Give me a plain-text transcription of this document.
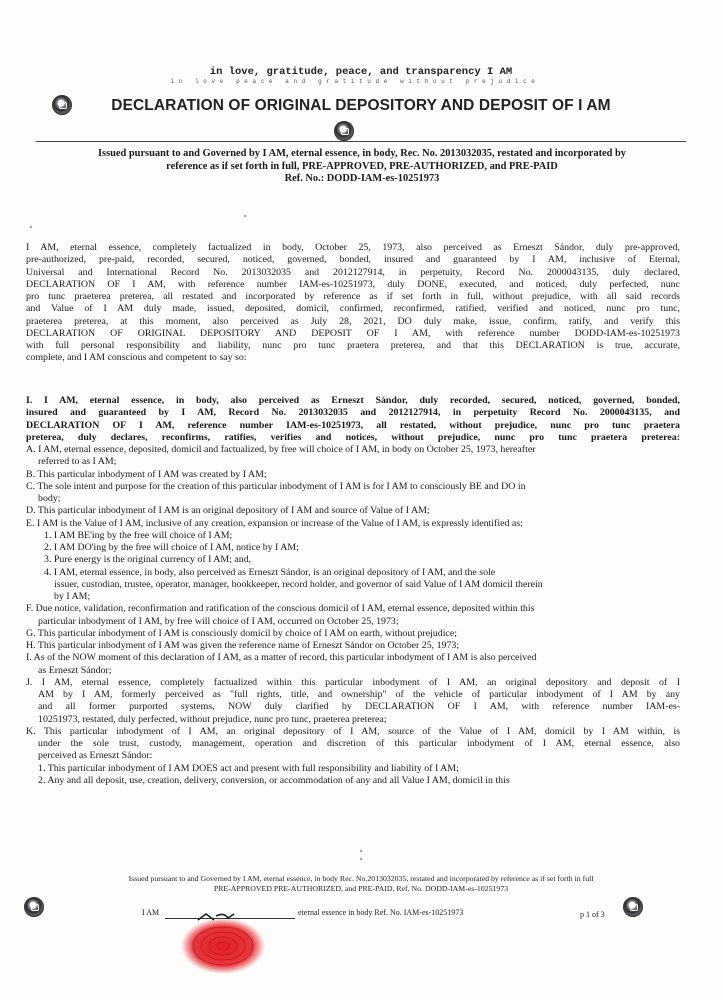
in love, gratitude, peace, and transparency I AM
in love peace and gratitude without prejudice
DECLARATION OF ORIGINAL DEPOSITORY AND DEPOSIT OF I AM
Issued pursuant to and Governed by I AM, eternal essence, in body, Rec. No. 2013032035, restated and incorporated by
reference as if set forth in full, PRE-APPROVED, PRE-AUTHORIZED, and PRE-PAID
Ref. No.: DODD-IAM-es-10251973
I AM, eternal essence, completely factualized in body, October 25, 1973, also perceived as Erneszt Sándor, duly pre-approved,
pre-authorized, pre-paid, recorded, secured, noticed, governed, bonded, insured and guaranteed by I AM, inclusive of Eternal,
Universal and International Record No. 2013032035 and 2012127914, in perpetuity, Record No. 2000043135, duly declared,
DECLARATION OF I AM, with reference number IAM-es-10251973, duly DONE, executed, and noticed, duly perfected, nunc
pro tunc praeterea preterea, all restated and incorporated by reference as if set forth in full, without prejudice, with all said records
and Value of I AM duly made, issued, deposited, domicil, confirmed, reconfirmed, ratified, verified and noticed, nunc pro tunc,
praeterea preterea, at this moment, also perceived as July 28, 2021, DO duly make, issue, confirm, ratify, and verify this
DECLARATION OF ORIGINAL DEPOSITORY AND DEPOSIT OF I AM, with reference number DODD-IAM-es-10251973
with full personal responsibility and liability, nunc pro tunc praetera preterea, and that this DECLARATION is true, accurate,
complete, and I AM conscious and competent to say so:
I. I AM, eternal essence, in body, also perceived as Erneszt Sándor, duly recorded, secured, noticed, governed, bonded,
insured and guaranteed by I AM, Record No. 2013032035 and 2012127914, in perpetuity Record No. 2000043135, and
DECLARATION OF I AM, reference number IAM-es-10251973, all restated, without prejudice, nunc pro tunc praetera
preterea, duly declares, reconfirms, ratifies, verifies and notices, without prejudice, nunc pro tunc praetera preterea:
A. I AM, eternal essence, deposited, domicil and factualized, by free will choice of I AM, in body on October 25, 1973, hereafter
referred to as I AM;
B. This particular inbodyment of I AM was created by I AM;
C. The sole intent and purpose for the creation of this particular inbodyment of I AM is for I AM to consciously BE and DO in
body;
D. This particular inbodyment of I AM is an original depository of I AM and source of Value of I AM;
E. I AM is the Value of I AM, inclusive of any creation, expansion or increase of the Value of I AM, is expressly identified as:
1. I AM BE'ing by the free will choice of I AM;
2. I AM DO'ing by the free will choice of I AM, notice by I AM;
3. Pure energy is the original currency of I AM; and,
4. I AM, eternal essence, in body, also perceived as Erneszt Sándor, is an original depository of I AM, and the sole
issuer, custodian, trustee, operator, manager, bookkeeper, record holder, and governor of said Value of I AM domicil therein
by I AM;
F. Due notice, validation, reconfirmation and ratification of the conscious domicil of I AM, eternal essence, deposited within this
particular inbodyment of I AM, by free will choice of I AM, occurred on October 25, 1973;
G. This particular inbodyment of I AM is consciously domicil by choice of I AM on earth, without prejudice;
H. This particular inbodyment of I AM was given the reference name of Erneszt Sándor on October 25, 1973;
I. As of the NOW moment of this declaration of I AM, as a matter of record, this particular inbodyment of I AM is also perceived
as Erneszt Sándor;
J. I AM, eternal essence, completely factualized within this particular inbodyment of I AM, an original depository and deposit of I
AM by I AM, formerly perceived as "full rights, title, and ownership" of the vehicle of particular inbodyment of I AM by any
and all former purported systems, NOW duly clarified by DECLARATION OF I AM, with reference number IAM-es-
10251973, restated, duly perfected, without prejudice, nunc pro tunc, praeterea preterea;
K. This particular inbodyment of I AM, an original depository of I AM, source of the Value of I AM, domicil by I AM within, is
under the sole trust, custody, management, operation and discretion of this particular inbodyment of I AM, eternal essence, also
perceived as Erneszt Sándor:
1. This particular inbodyment of I AM DOES act and present with full responsibility and liability of I AM;
2. Any and all deposit, use, creation, delivery, conversion, or accommodation of any and all Value I AM, domicil in this
Issued pursuant to and Governed by I AM, eternal essence, in body Rec. No.2013032035, restated and incorporated by reference as if set forth in full
PRE-APPROVED PRE-AUTHORIZED, and PRE-PAID, Ref. No. DODD-IAM-es-10251973
I AM	eternal essence in body Ref. No. IAM-es-10251973	p 1 of 3
